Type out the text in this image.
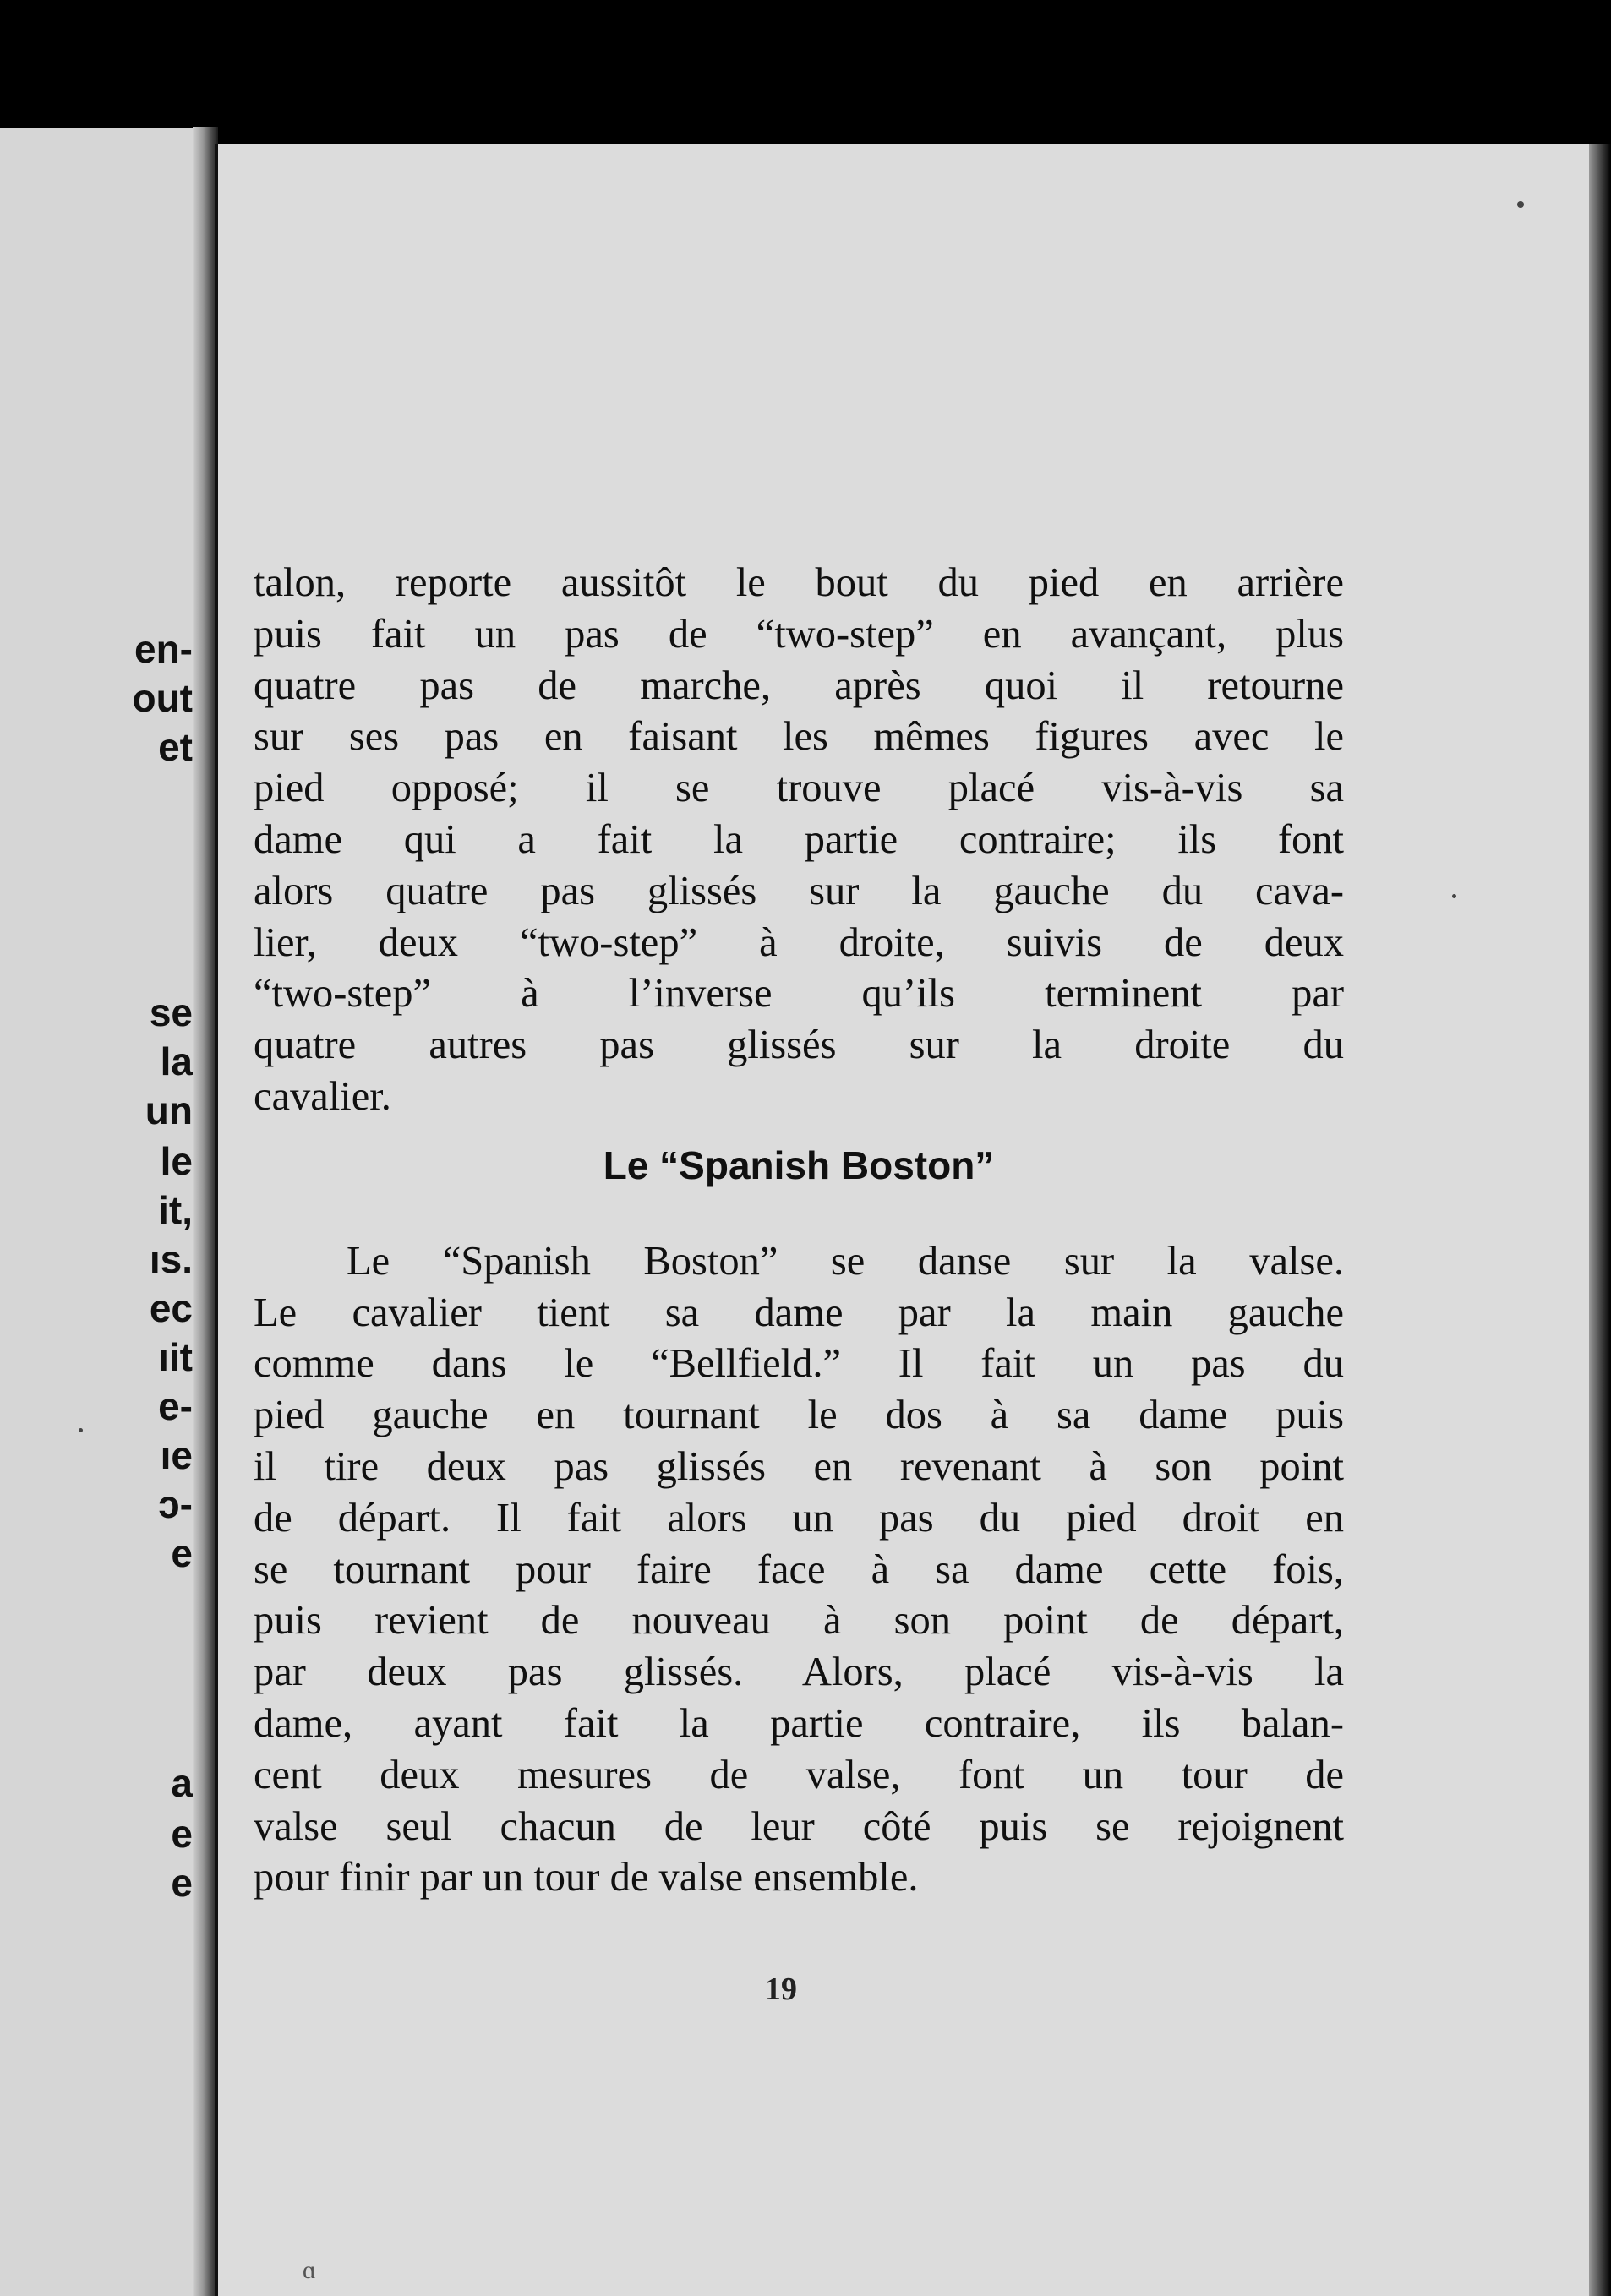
en-
out
et
se
la
un
le
it,
ıs.
ec
ıit
e-
ıe
ɔ-
e
a
e
e
talon, reporte aussitôt le bout du pied en arrière
puis fait un pas de “two-step” en avançant, plus
quatre pas de marche, après quoi il retourne
sur ses pas en faisant les mêmes figures avec le
pied opposé; il se trouve placé vis-à-vis sa
dame qui a fait la partie contraire; ils font
alors quatre pas glissés sur la gauche du cava-
lier, deux “two-step” à droite, suivis de deux
“two-step” à l’inverse qu’ils terminent par
quatre autres pas glissés sur la droite du
cavalier.
Le “Spanish Boston”
Le “Spanish Boston” se danse sur la valse.
Le cavalier tient sa dame par la main gauche
comme dans le “Bellfield.” Il fait un pas du
pied gauche en tournant le dos à sa dame puis
il tire deux pas glissés en revenant à son point
de départ. Il fait alors un pas du pied droit en
se tournant pour faire face à sa dame cette fois,
puis revient de nouveau à son point de départ,
par deux pas glissés. Alors, placé vis-à-vis la
dame, ayant fait la partie contraire, ils balan-
cent deux mesures de valse, font un tour de
valse seul chacun de leur côté puis se rejoignent
pour finir par un tour de valse ensemble.
19
ɑ
